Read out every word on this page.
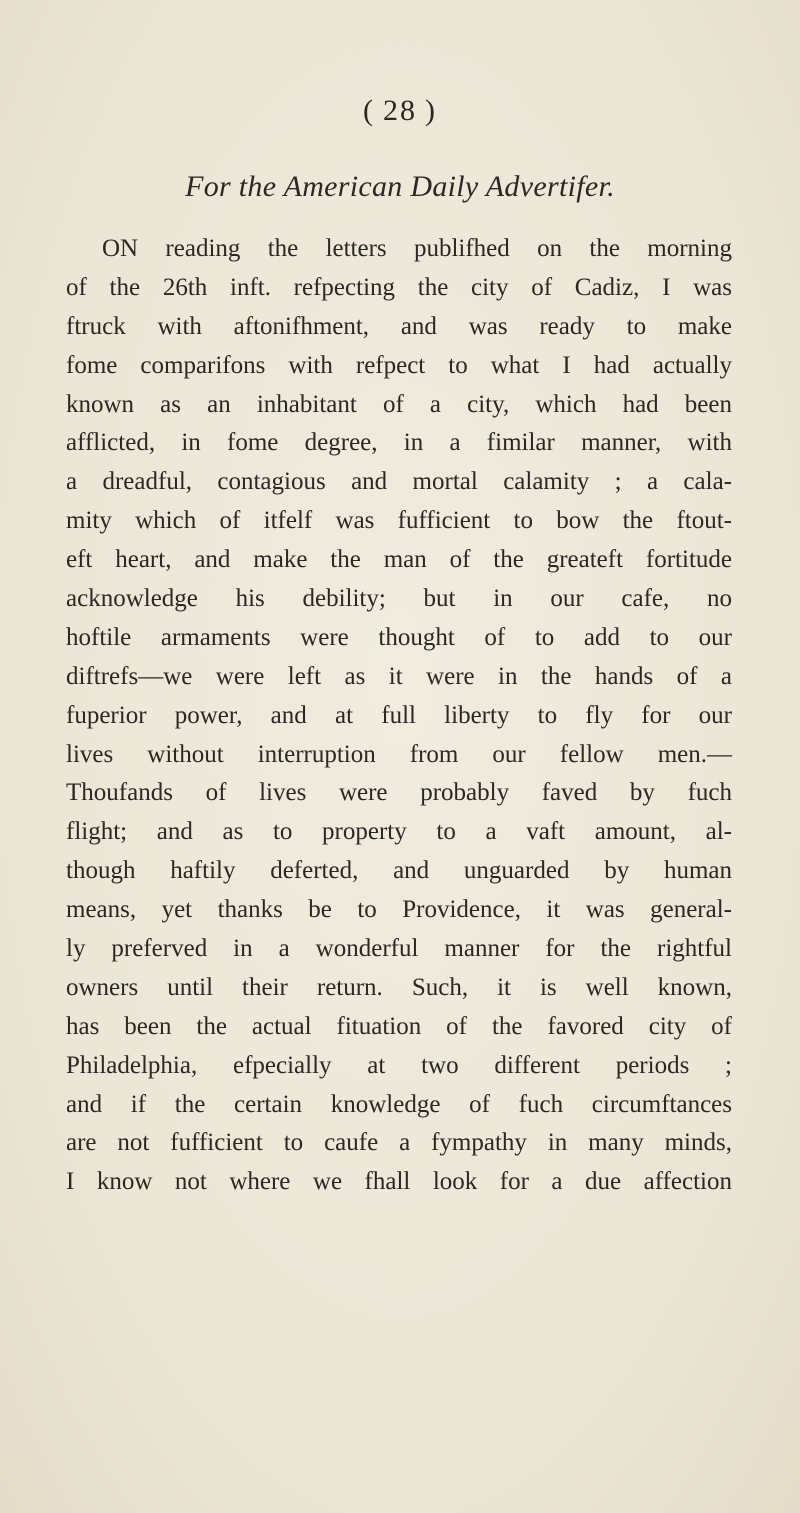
( 28 )
For the American Daily Advertifer.
ON reading the letters publifhed on the morning
of the 26th inft. refpecting the city of Cadiz, I was
ftruck with aftonifhment, and was ready to make
fome comparifons with refpect to what I had actually
known as an inhabitant of a city, which had been
afflicted, in fome degree, in a fimilar manner, with
a dreadful, contagious and mortal calamity ; a cala-
mity which of itfelf was fufficient to bow the ftout-
eft heart, and make the man of the greateft fortitude
acknowledge his debility; but in our cafe, no
hoftile armaments were thought of to add to our
diftrefs—we were left as it were in the hands of a
fuperior power, and at full liberty to fly for our
lives without interruption from our fellow men.—
Thoufands of lives were probably faved by fuch
flight; and as to property to a vaft amount, al-
though haftily deferted, and unguarded by human
means, yet thanks be to Providence, it was general-
ly preferved in a wonderful manner for the rightful
owners until their return. Such, it is well known,
has been the actual fituation of the favored city of
Philadelphia, efpecially at two different periods ;
and if the certain knowledge of fuch circumftances
are not fufficient to caufe a fympathy in many minds,
I know not where we fhall look for a due affection
